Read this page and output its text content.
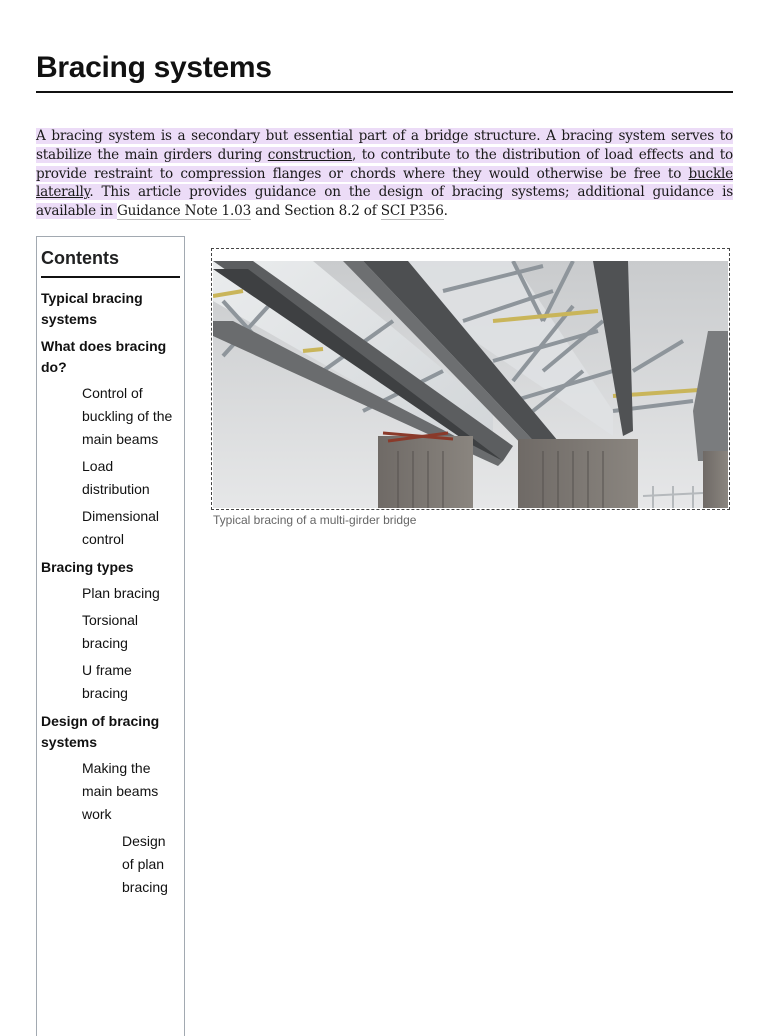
Bracing systems

A bracing system is a secondary but essential part of a bridge structure. A bracing system serves to stabilize the main girders during construction, to contribute to the distribution of load effects and to provide restraint to compression flanges or chords where they would otherwise be free to buckle laterally. This article provides guidance on the design of bracing systems; additional guidance is available in Guidance Note 1.03 and Section 8.2 of SCI P356.

Contents
Typical bracing systems
What does bracing do?
Control of buckling of the main beams
Load distribution
Dimensional control
Bracing types
Plan bracing
Torsional bracing
U frame bracing
Design of bracing systems
Making the main beams work
Design of plan bracing
Typical bracing of a multi-girder bridge
